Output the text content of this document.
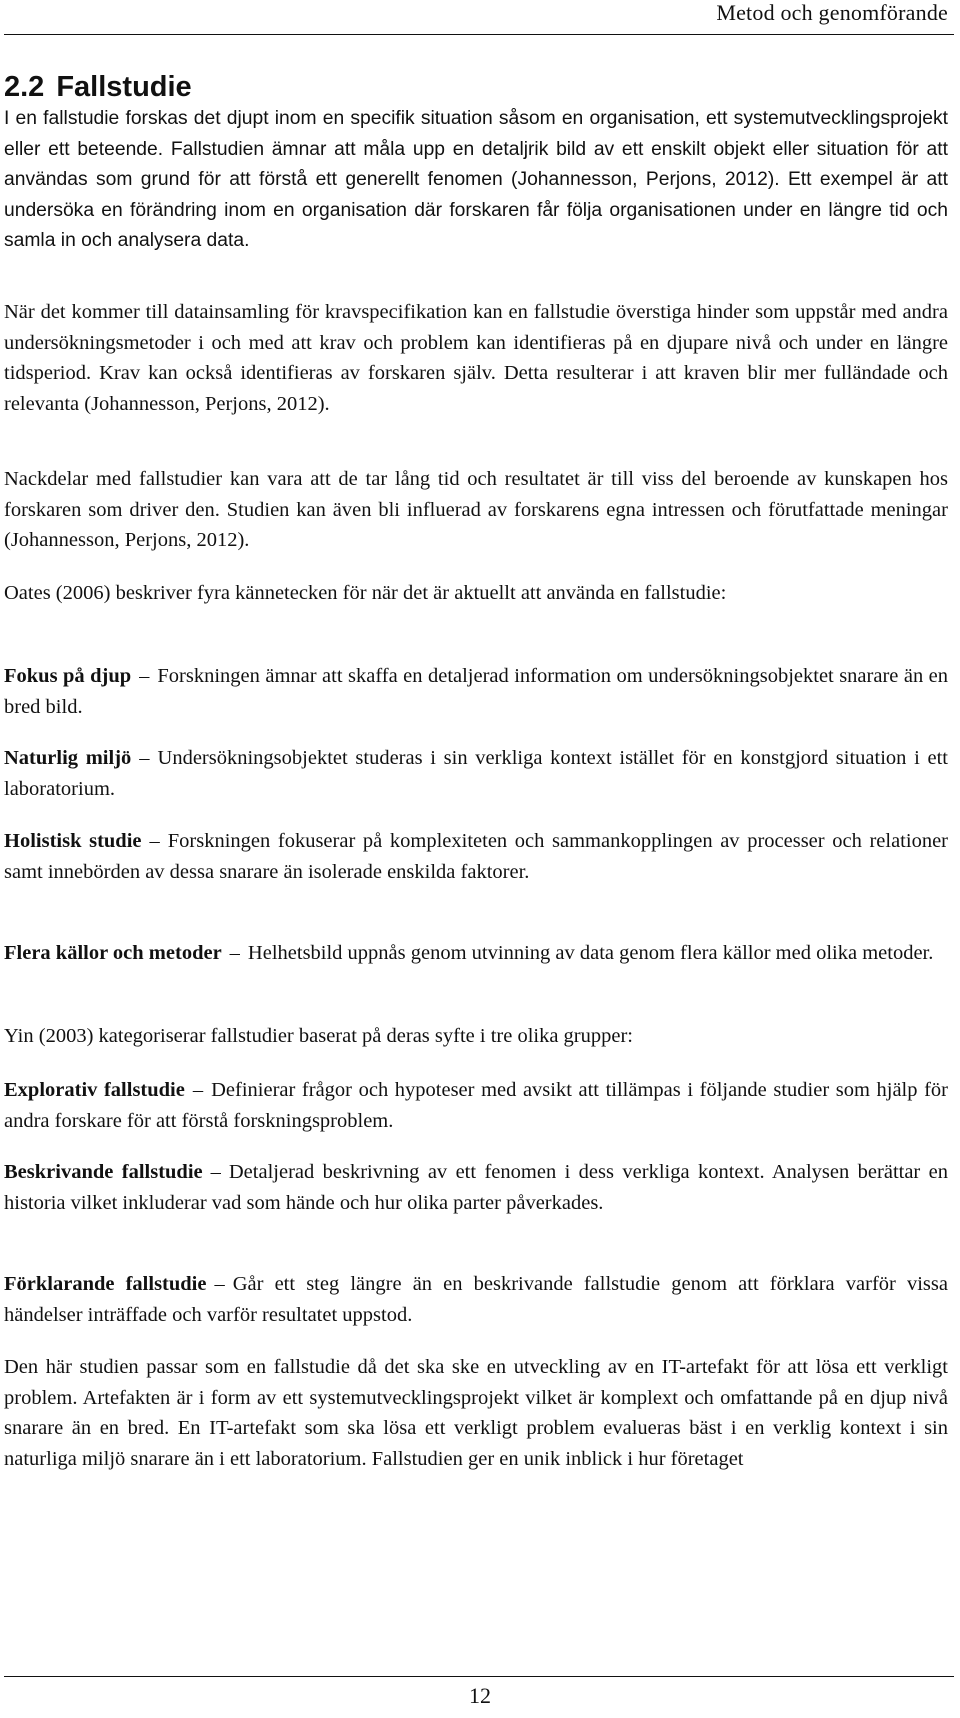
Metod och genomförande
2.2 Fallstudie

I en fallstudie forskas det djupt inom en specifik situation såsom en organisation, ett systemutvecklingsprojekt eller ett beteende. Fallstudien ämnar att måla upp en detaljrik bild av ett enskilt objekt eller situation för att användas som grund för att förstå ett generellt fenomen (Johannesson, Perjons, 2012). Ett exempel är att undersöka en förändring inom en organisation där forskaren får följa organisationen under en längre tid och samla in och analysera data.

När det kommer till datainsamling för kravspecifikation kan en fallstudie överstiga hinder som uppstår med andra undersökningsmetoder i och med att krav och problem kan identifieras på en djupare nivå och under en längre tidsperiod. Krav kan också identifieras av forskaren själv. Detta resulterar i att kraven blir mer fulländade och relevanta (Johannesson, Perjons, 2012).

Nackdelar med fallstudier kan vara att de tar lång tid och resultatet är till viss del beroende av kunskapen hos forskaren som driver den. Studien kan även bli influerad av forskarens egna intressen och förutfattade meningar (Johannesson, Perjons, 2012).

Oates (2006) beskriver fyra kännetecken för när det är aktuellt att använda en fallstudie:

Fokus på djup – Forskningen ämnar att skaffa en detaljerad information om undersökningsobjektet snarare än en bred bild.

Naturlig miljö – Undersökningsobjektet studeras i sin verkliga kontext istället för en konstgjord situation i ett laboratorium.

Holistisk studie – Forskningen fokuserar på komplexiteten och sammankopplingen av processer och relationer samt innebörden av dessa snarare än isolerade enskilda faktorer.

Flera källor och metoder – Helhetsbild uppnås genom utvinning av data genom flera källor med olika metoder.

Yin (2003) kategoriserar fallstudier baserat på deras syfte i tre olika grupper:

Explorativ fallstudie – Definierar frågor och hypoteser med avsikt att tillämpas i följande studier som hjälp för andra forskare för att förstå forskningsproblem.

Beskrivande fallstudie – Detaljerad beskrivning av ett fenomen i dess verkliga kontext. Analysen berättar en historia vilket inkluderar vad som hände och hur olika parter påverkades.

Förklarande fallstudie – Går ett steg längre än en beskrivande fallstudie genom att förklara varför vissa händelser inträffade och varför resultatet uppstod.

Den här studien passar som en fallstudie då det ska ske en utveckling av en IT-artefakt för att lösa ett verkligt problem. Artefakten är i form av ett systemutvecklingsprojekt vilket är komplext och omfattande på en djup nivå snarare än en bred. En IT-artefakt som ska lösa ett verkligt problem evalueras bäst i en verklig kontext i sin naturliga miljö snarare än i ett laboratorium. Fallstudien ger en unik inblick i hur företaget

12
